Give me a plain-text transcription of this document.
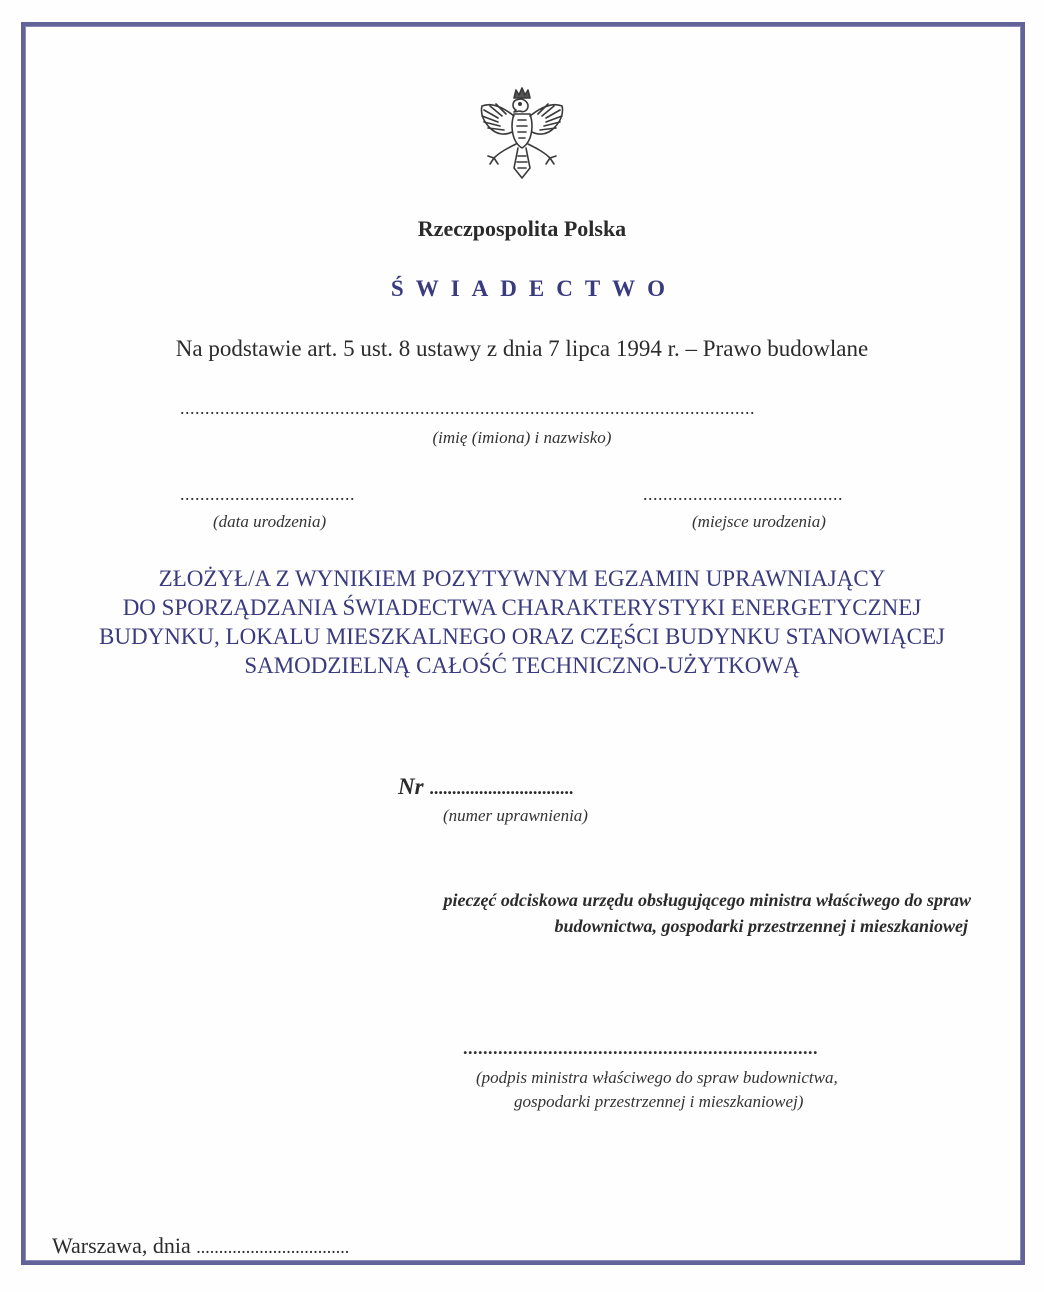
Rzeczpospolita Polska
ŚWIADECTWO
Na podstawie art. 5 ust. 8 ustawy z dnia 7 lipca 1994 r. – Prawo budowlane
...................................................................................................................
(imię (imiona) i nazwisko)
...................................
(data urodzenia)
........................................
(miejsce urodzenia)
ZŁOŻYŁ/A Z WYNIKIEM POZYTYWNYM EGZAMIN UPRAWNIAJĄCY
DO SPORZĄDZANIA ŚWIADECTWA CHARAKTERYSTYKI ENERGETYCZNEJ
BUDYNKU, LOKALU MIESZKALNEGO ORAZ CZĘŚCI BUDYNKU STANOWIĄCEJ
SAMODZIELNĄ CAŁOŚĆ TECHNICZNO-UŻYTKOWĄ
Nr ................................
(numer uprawnienia)
pieczęć odciskowa urzędu obsługującego ministra właściwego do spraw
budownictwa, gospodarki przestrzennej i mieszkaniowej
.......................................................................
(podpis ministra właściwego do spraw budownictwa,
gospodarki przestrzennej i mieszkaniowej)
Warszawa, dnia ..................................
